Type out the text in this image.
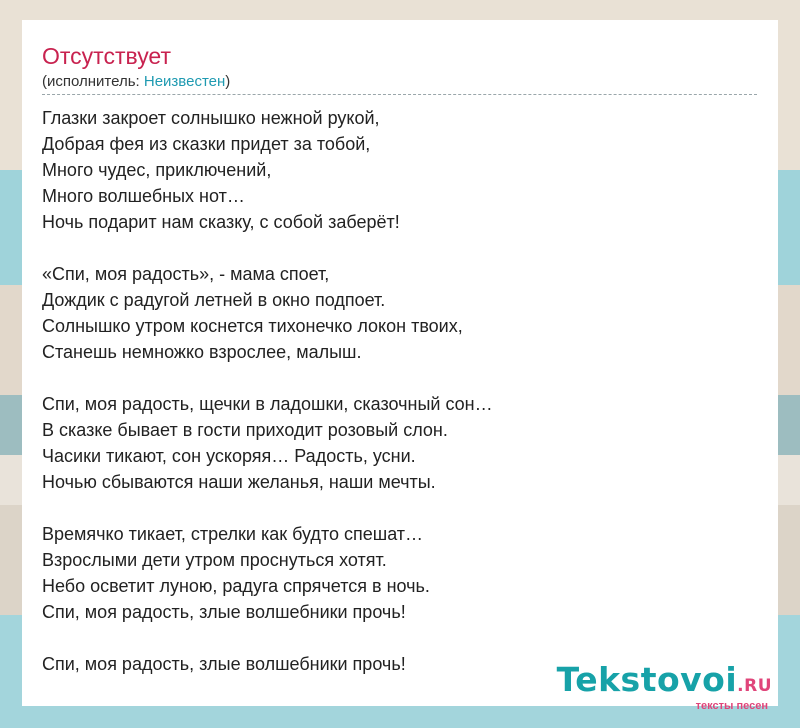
Отсутствует
(исполнитель: Неизвестен)
Глазки закроет солнышко нежной рукой,
Добрая фея из сказки придет за тобой,
Много чудес, приключений,
Много волшебных нот…
Ночь подарит нам сказку, с собой заберёт!
«Спи, моя радость», - мама споет,
Дождик с радугой летней в окно подпоет.
Солнышко утром коснется тихонечко локон твоих,
Станешь немножко взрослее, малыш.
Спи, моя радость, щечки в ладошки, сказочный сон…
В сказке бывает в гости приходит розовый слон.
Часики тикают, сон ускоряя… Радость, усни.
Ночью сбываются наши желанья, наши мечты.
Времячко тикает, стрелки как будто спешат…
Взрослыми дети утром проснуться хотят.
Небо осветит луною, радуга спрячется в ночь.
Спи, моя радость, злые волшебники прочь!
Спи, моя радость, злые волшебники прочь!	Tekstovoi.RU
тексты песен
